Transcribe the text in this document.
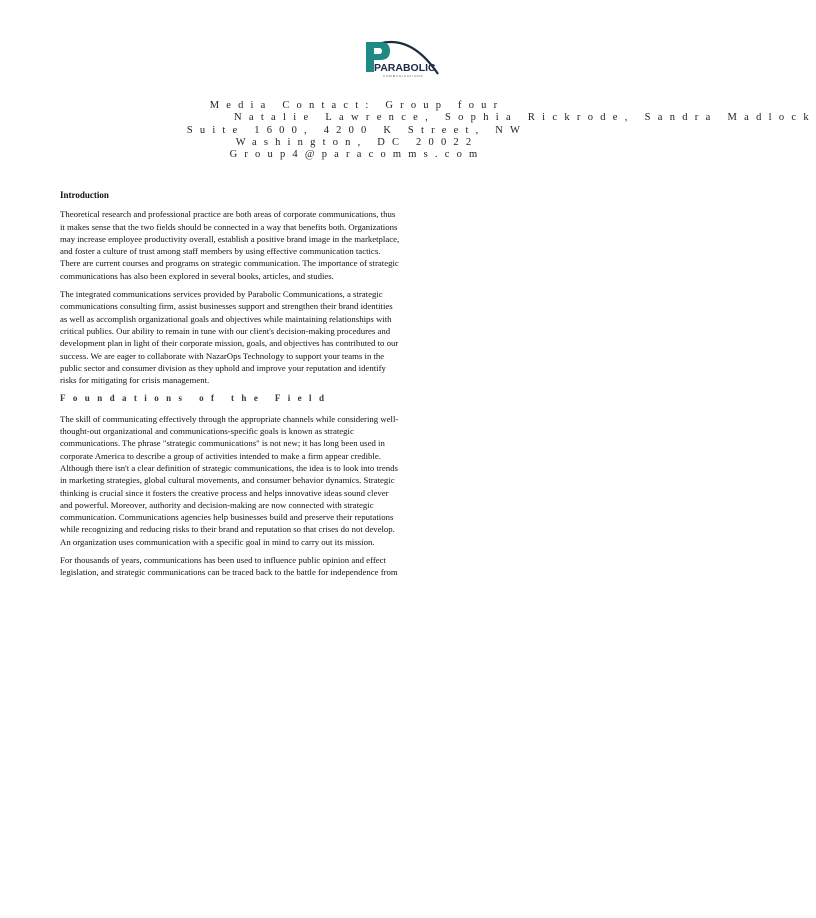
PARABOLIC
COMMUNICATIONS
Media Contact: Group four
Natalie Lawrence, Sophia Rickrode, Sandra Madlock
Suite 1600, 4200 K Street, NW
Washington, DC 20022
Group4@paracomms.com
Introduction
Theoretical research and professional practice are both areas of corporate communications, thus
it makes sense that the two fields should be connected in a way that benefits both. Organizations
may increase employee productivity overall, establish a positive brand image in the marketplace,
and foster a culture of trust among staff members by using effective communication tactics.
There are current courses and programs on strategic communication. The importance of strategic
communications has also been explored in several books, articles, and studies.
The integrated communications services provided by Parabolic Communications, a strategic
communications consulting firm, assist businesses support and strengthen their brand identities
as well as accomplish organizational goals and objectives while maintaining relationships with
critical publics. Our ability to remain in tune with our client's decision-making procedures and
development plan in light of their corporate mission, goals, and objectives has contributed to our
success. We are eager to collaborate with NazarOps Technology to support your teams in the
public sector and consumer division as they uphold and improve your reputation and identify
risks for mitigating for crisis management.
Foundations of the Field
The skill of communicating effectively through the appropriate channels while considering well-
thought-out organizational and communications-specific goals is known as strategic
communications. The phrase "strategic communications" is not new; it has long been used in
corporate America to describe a group of activities intended to make a firm appear credible.
Although there isn't a clear definition of strategic communications, the idea is to look into trends
in marketing strategies, global cultural movements, and consumer behavior dynamics. Strategic
thinking is crucial since it fosters the creative process and helps innovative ideas sound clever
and powerful. Moreover, authority and decision-making are now connected with strategic
communication. Communications agencies help businesses build and preserve their reputations
while recognizing and reducing risks to their brand and reputation so that crises do not develop.
An organization uses communication with a specific goal in mind to carry out its mission.
For thousands of years, communications has been used to influence public opinion and effect
legislation, and strategic communications can be traced back to the battle for independence from
